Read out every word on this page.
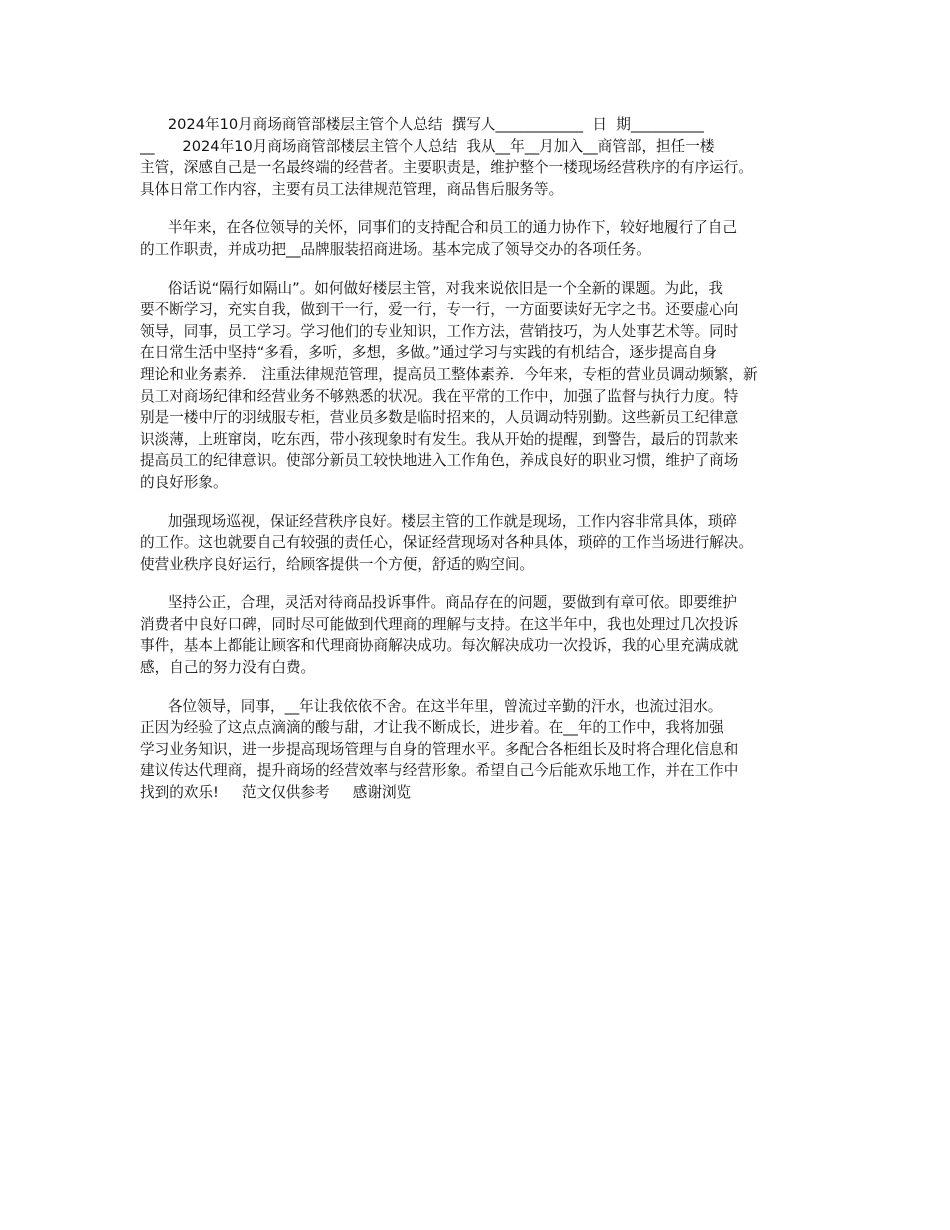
2024年10月商场商管部楼层主管个人总结  撰写人____________  日  期__________
__      2024年10月商场商管部楼层主管个人总结  我从__年__月加入__商管部，担任一楼
主管，深感自己是一名最终端的经营者。主要职责是，维护整个一楼现场经营秩序的有序运行。
具体日常工作内容，主要有员工法律规范管理，商品售后服务等。
半年来，在各位领导的关怀，同事们的支持配合和员工的通力协作下，较好地履行了自己
的工作职责，并成功把__品牌服装招商进场。基本完成了领导交办的各项任务。
俗话说“隔行如隔山”。如何做好楼层主管，对我来说依旧是一个全新的课题。为此，我
要不断学习，充实自我，做到干一行，爱一行，专一行，一方面要读好无字之书。还要虚心向
领导，同事，员工学习。学习他们的专业知识，工作方法，营销技巧，为人处事艺术等。同时
在日常生活中坚持“多看，多听，多想，多做。”通过学习与实践的有机结合，逐步提高自身
理论和业务素养． 注重法律规范管理，提高员工整体素养．今年来，专柜的营业员调动频繁，新
员工对商场纪律和经营业务不够熟悉的状况。我在平常的工作中，加强了监督与执行力度。特
别是一楼中厅的羽绒服专柜，营业员多数是临时招来的，人员调动特别勤。这些新员工纪律意
识淡薄，上班窜岗，吃东西，带小孩现象时有发生。我从开始的提醒，到警告，最后的罚款来
提高员工的纪律意识。使部分新员工较快地进入工作角色，养成良好的职业习惯，维护了商场
的良好形象。
加强现场巡视，保证经营秩序良好。楼层主管的工作就是现场，工作内容非常具体，琐碎
的工作。这也就要自己有较强的责任心，保证经营现场对各种具体，琐碎的工作当场进行解决。
使营业秩序良好运行，给顾客提供一个方便，舒适的购空间。
坚持公正，合理，灵活对待商品投诉事件。商品存在的问题，要做到有章可依。即要维护
消费者中良好口碑，同时尽可能做到代理商的理解与支持。在这半年中，我也处理过几次投诉
事件，基本上都能让顾客和代理商协商解决成功。每次解决成功一次投诉，我的心里充满成就
感，自己的努力没有白费。
各位领导，同事，__年让我依依不舍。在这半年里，曾流过辛勤的汗水，也流过泪水。
正因为经验了这点点滴滴的酸与甜，才让我不断成长，进步着。在__年的工作中，我将加强
学习业务知识，进一步提高现场管理与自身的管理水平。多配合各柜组长及时将合理化信息和
建议传达代理商，提升商场的经营效率与经营形象。希望自己今后能欢乐地工作，并在工作中
找到的欢乐!     范文仅供参考     感谢浏览
